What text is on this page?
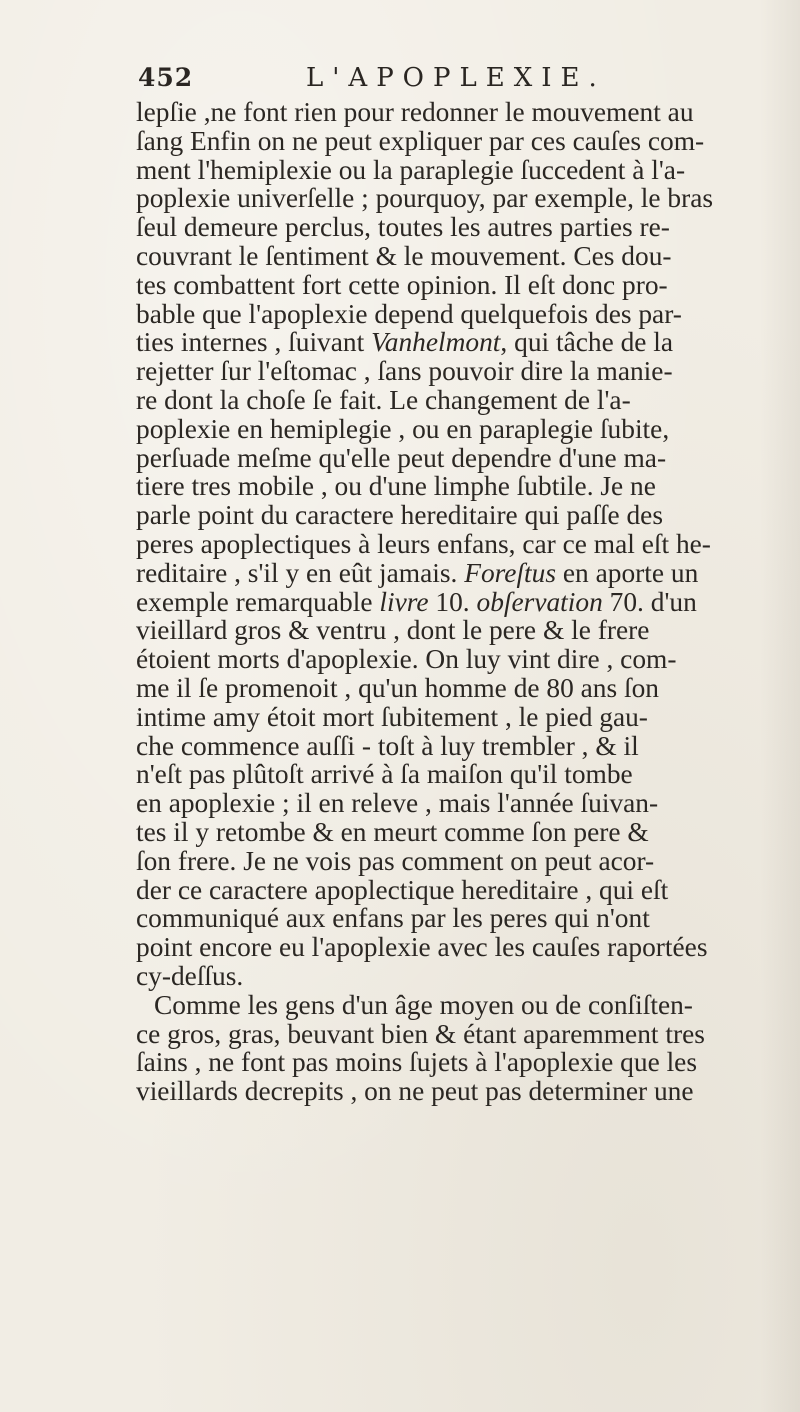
452	L'APOPLEXIE.
lepſie ,ne font rien pour redonner le mouvement au
ſang Enfin on ne peut expliquer par ces cauſes com-
ment l'hemiplexie ou la paraplegie ſuccedent à l'a-
poplexie univerſelle ; pourquoy, par exemple, le bras
ſeul demeure perclus, toutes les autres parties re-
couvrant le ſentiment & le mouvement. Ces dou-
tes combattent fort cette opinion. Il eſt donc pro-
bable que l'apoplexie depend quelquefois des par-
ties internes , ſuivant Vanhelmont, qui tâche de la
rejetter ſur l'eſtomac , ſans pouvoir dire la manie-
re dont la choſe ſe fait. Le changement de l'a-
poplexie en hemiplegie , ou en paraplegie ſubite,
perſuade meſme qu'elle peut dependre d'une ma-
tiere tres mobile , ou d'une limphe ſubtile. Je ne
parle point du caractere hereditaire qui paſſe des
peres apoplectiques à leurs enfans, car ce mal eſt he-
reditaire , s'il y en eût jamais. Foreſtus en aporte un
exemple remarquable livre 10. obſervation 70. d'un
vieillard gros & ventru , dont le pere & le frere
étoient morts d'apoplexie. On luy vint dire , com-
me il ſe promenoit , qu'un homme de 80 ans ſon
intime amy étoit mort ſubitement , le pied gau-
che commence auſſi - toſt à luy trembler , & il
n'eſt pas plûtoſt arrivé à ſa maiſon qu'il tombe
en apoplexie ; il en releve , mais l'année ſuivan-
tes il y retombe & en meurt comme ſon pere &
ſon frere. Je ne vois pas comment on peut acor-
der ce caractere apoplectique hereditaire , qui eſt
communiqué aux enfans par les peres qui n'ont
point encore eu l'apoplexie avec les cauſes raportées
cy-deſſus.
Comme les gens d'un âge moyen ou de conſiſten-
ce gros, gras, beuvant bien & étant aparemment tres
ſains , ne font pas moins ſujets à l'apoplexie que les
vieillards decrepits , on ne peut pas determiner une
